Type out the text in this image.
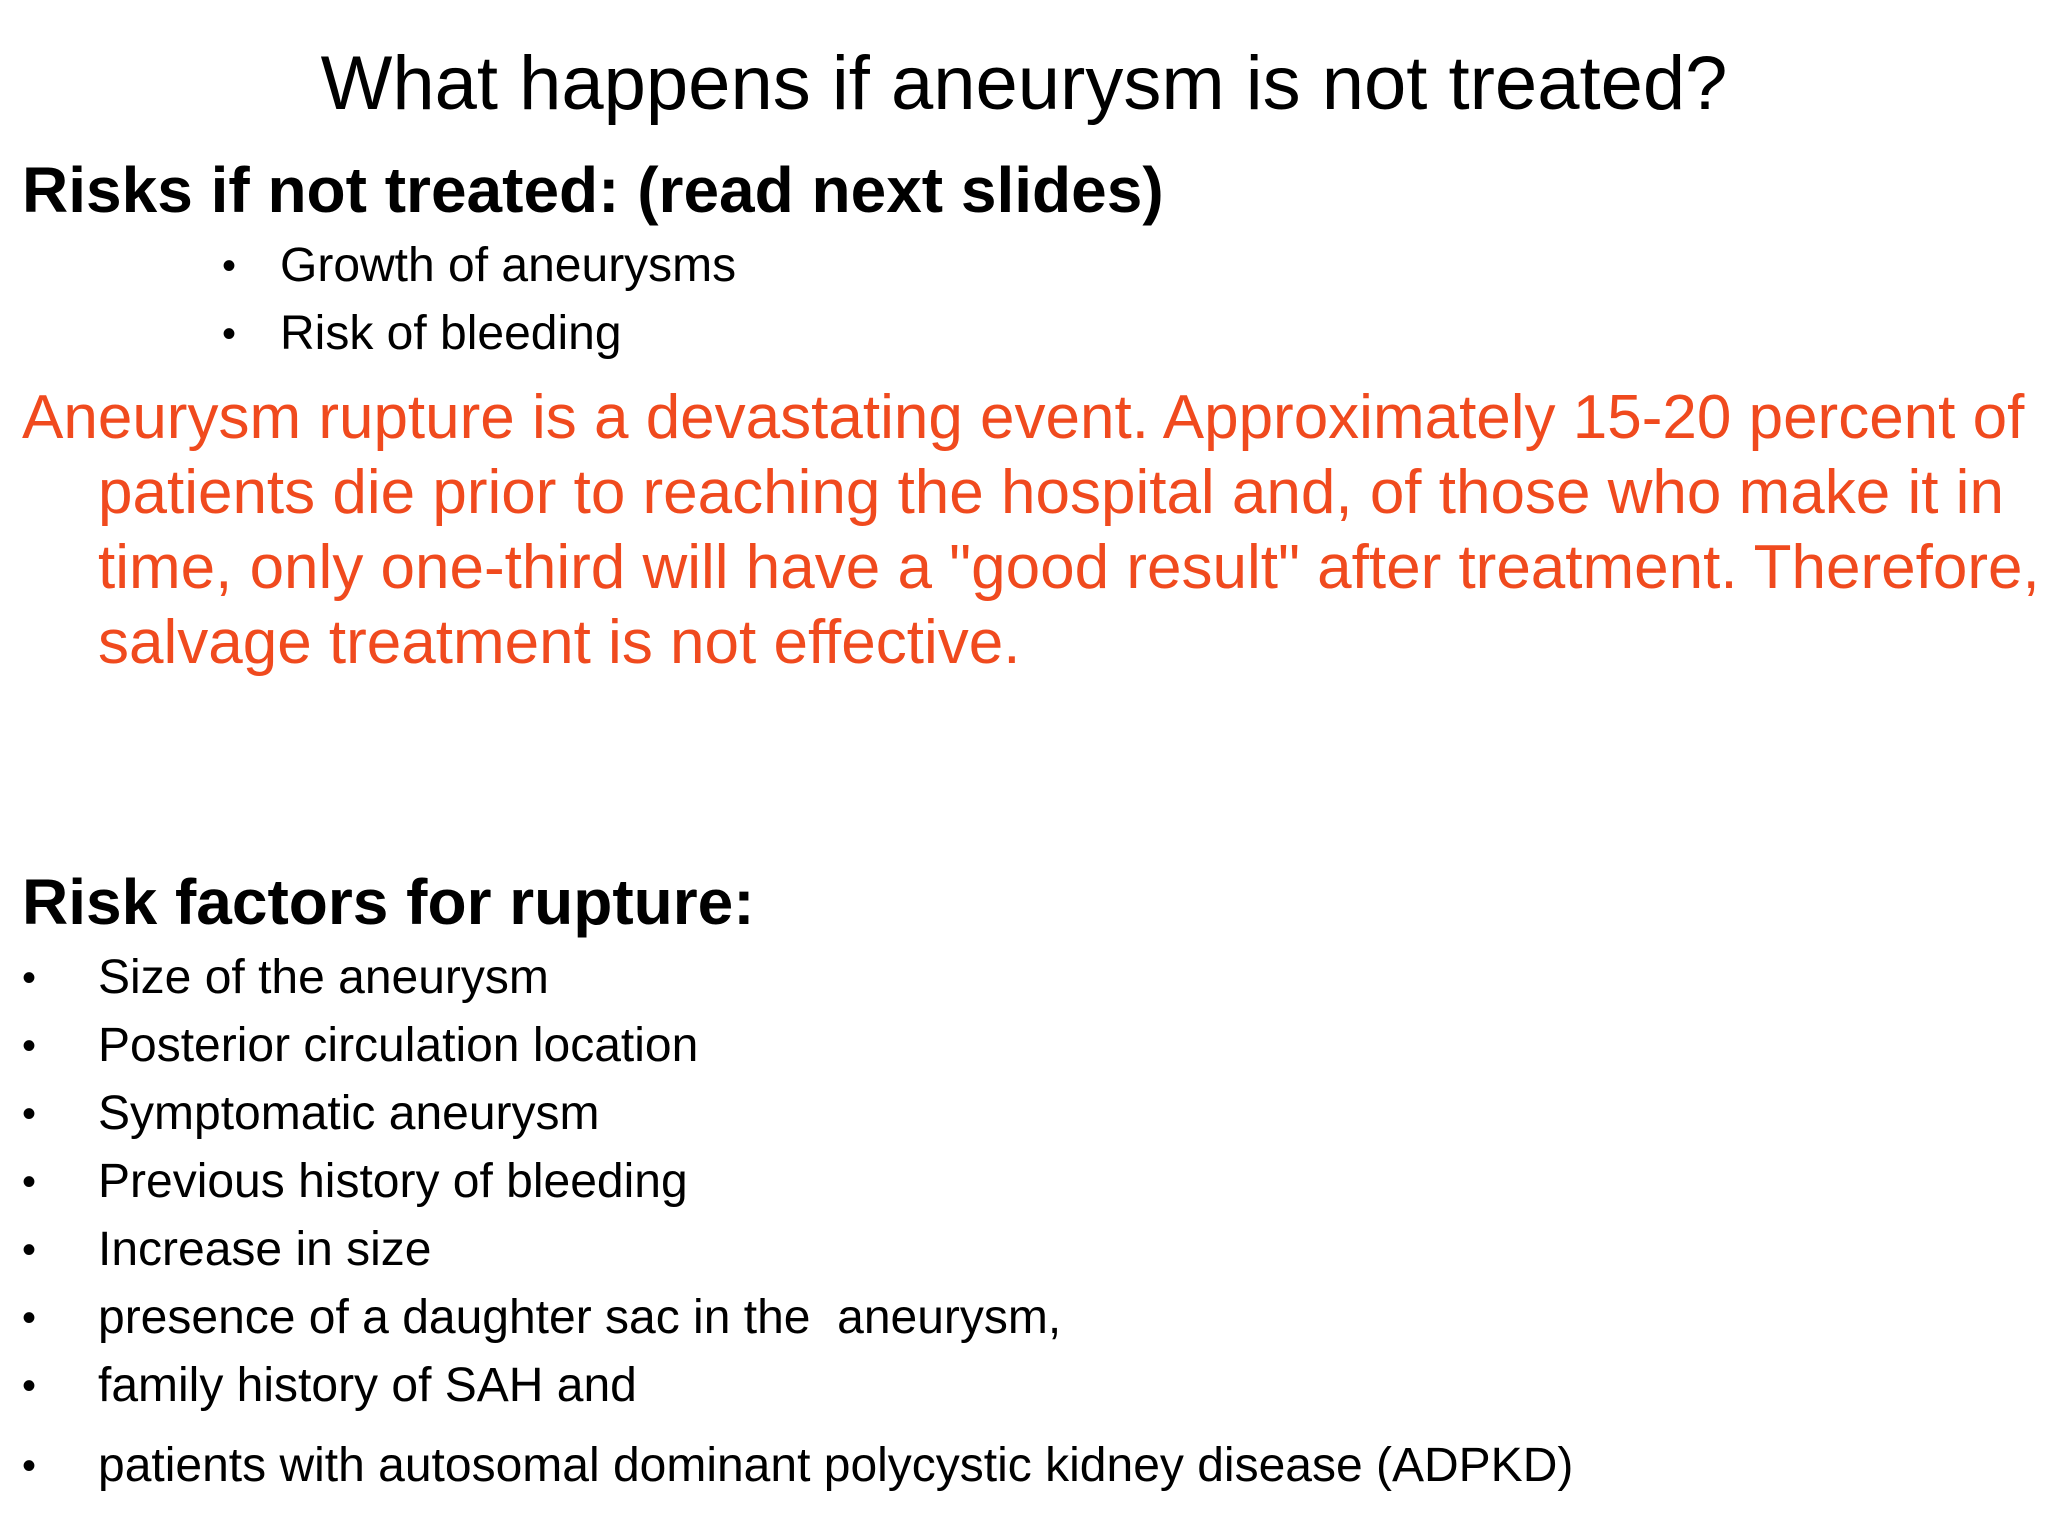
What happens if aneurysm is not treated?
Risks if not treated: (read next slides)
• Growth of aneurysms
• Risk of bleeding

Aneurysm rupture is a devastating event. Approximately 15-20 percent of patients die prior to reaching the hospital and, of those who make it in time, only one-third will have a "good result" after treatment. Therefore, salvage treatment is not effective.

Risk factors for rupture:
• Size of the aneurysm
• Posterior circulation location
• Symptomatic aneurysm
• Previous history of bleeding
• Increase in size
• presence of a daughter sac in the  aneurysm,
• family history of SAH and
• patients with autosomal dominant polycystic kidney disease (ADPKD)
